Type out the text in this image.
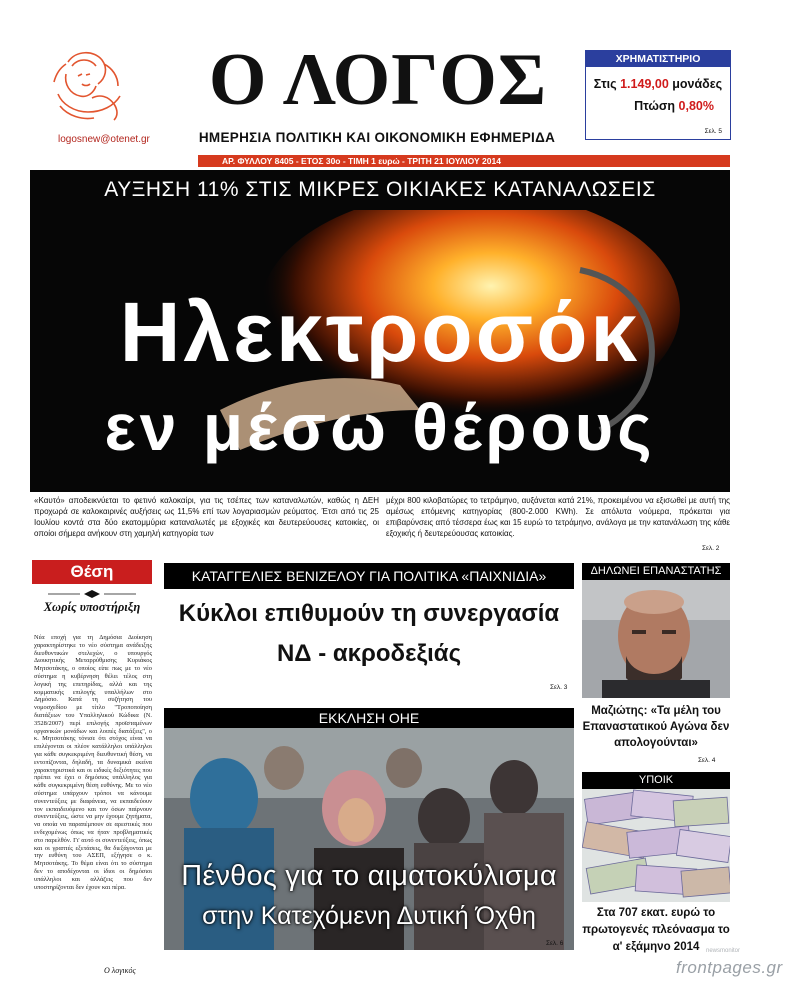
logosnew@otenet.gr
Ο ΛΟΓΟΣ
ΗΜΕΡΗΣΙΑ ΠΟΛΙΤΙΚΗ ΚΑΙ ΟΙΚΟΝΟΜΙΚΗ ΕΦΗΜΕΡΙΔΑ
ΑΡ. ΦΥΛΛΟΥ 8405 - ΕΤΟΣ 30ο - ΤΙΜΗ 1 ευρώ - ΤΡΙΤΗ 21 ΙΟΥΛΙΟΥ 2014
ΧΡΗΜΑΤΙΣΤΗΡΙΟ
Στις 1.149,00 μονάδες
Πτώση 0,80%
Σελ. 5
ΑΥΞΗΣΗ 11% ΣΤΙΣ ΜΙΚΡΕΣ ΟΙΚΙΑΚΕΣ ΚΑΤΑΝΑΛΩΣΕΙΣ
Ηλεκτροσόκ
εν μέσω θέρους
«Καυτό» αποδεικνύεται το φετινό καλοκαίρι, για τις τσέπες των καταναλωτών, καθώς η ΔΕΗ προχωρά σε καλοκαιρινές αυξήσεις ως 11,5% επί των λογαριασμών ρεύματος. Έτσι από τις 25 Ιουλίου κοντά στα δύο εκατομμύρια καταναλωτές με εξοχικές και δευτερεύουσες κατοικίες, οι οποίοι σήμερα ανήκουν στη χαμηλή κατηγορία των
μέχρι 800 κιλοβατώρες το τετράμηνο, αυξάνεται κατά 21%, προκειμένου να εξισωθεί με αυτή της αμέσως επόμενης κατηγορίας (800-2.000 KWh). Σε απόλυτα νούμερα, πρόκειται για επιβαρύνσεις από τέσσερα έως και 15 ευρώ το τετράμηνο, ανάλογα με την κατανάλωση της κάθε εξοχικής ή δευτερεύουσας κατοικίας.
Σελ. 2
Θέση
Χωρίς υποστήριξη
Νέα εποχή για τη Δημόσια Διοίκηση χαρακτηρίστηκε το νέο σύστημα ανάδειξης διευθυντικών στελεχών, ο υπουργός Διοικητικής Μεταρρύθμισης Κυριάκος Μητσοτάκης, ο οποίος είπε πως με το νέο σύστημα η κυβέρνηση θέλει τέλος στη λογική της επετηρίδας, αλλά και της κομματικής επιλογής υπαλλήλων στο Δημόσιο. Κατά τη συζήτηση του νομοσχεδίου με τίτλο "Τροποποίηση διατάξεων του Υπαλληλικού Κώδικα (Ν. 3528/2007) περί επιλογής προϊσταμένων οργανικών μονάδων και λοιπές διατάξεις", ο κ. Μητσοτάκης τόνισε ότι στόχος είναι να επιλέγονται οι πλέον κατάλληλοι υπάλληλοι για κάθε συγκεκριμένη διευθυντική θέση, να εντοπίζονται, δηλαδή, τα δυναμικά εκείνα χαρακτηριστικά και οι ειδικές δεξιότητες που πρέπει να έχει ο δημόσιος υπάλληλος για κάθε συγκεκριμένη θέση ευθύνης. Με το νέο σύστημα υπάρχουν τρόποι να κάνουμε συνεντεύξεις με διαφάνεια, να εκπαιδεύουν τον εκπαιδευόμενο και τον όσων παίρνουν συνεντεύξεις, ώστε να μην έχουμε ζητήματα, να οποία να παραπέμπουν σε αρεστικές που ενδεχομένως όπως να ήταν προβληματικές στο παρελθόν. Γι' αυτό οι συνεντεύξεις, όπως και οι γραπτές εξετάσεις, θα διεξάγονται με την ευθύνη του ΑΣΕΠ, εξήγησε ο κ. Μητσοτάκης. Το θέμα είναι ότι το σύστημα δεν το αποδέχονται οι ίδιοι οι δημόσιοι υπάλληλοι και αλλάζεις που δεν υποστηρίζονται δεν έχουν και πέρα.
Ο λογικός
ΚΑΤΑΓΓΕΛΙΕΣ ΒΕΝΙΖΕΛΟΥ ΓΙΑ ΠΟΛΙΤΙΚΑ «ΠΑΙΧΝΙΔΙΑ»
Κύκλοι επιθυμούν τη συνεργασία
ΝΔ - ακροδεξιάς
Σελ. 3
ΕΚΚΛΗΣΗ ΟΗΕ
Πένθος για το αιματοκύλισμα
στην Κατεχόμενη Δυτική Όχθη
Σελ. 6
ΔΗΛΩΝΕΙ ΕΠΑΝΑΣΤΑΤΗΣ
Μαζιώτης: «Τα μέλη του Επαναστατικού Αγώνα δεν απολογούνται»
Σελ. 4
ΥΠΟΙΚ
Στα 707 εκατ. ευρώ το πρωτογενές πλεόνασμα το α' εξάμηνο 2014	newsmonitor
frontpages.gr
